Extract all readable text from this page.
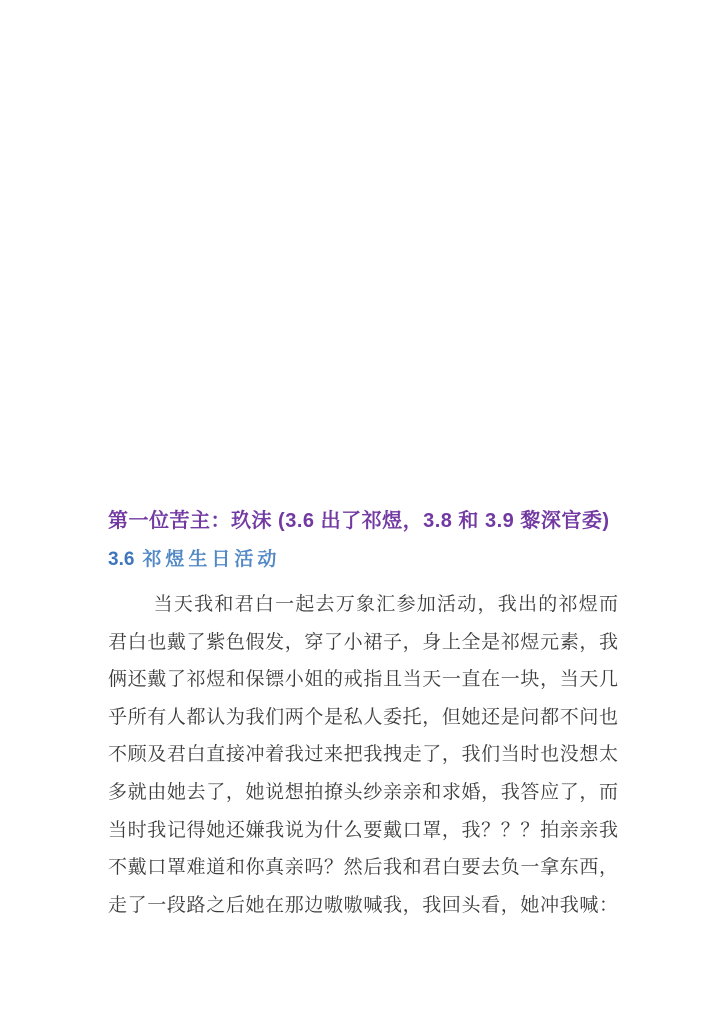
第一位苦主：玖沫 (3.6 出了祁煜，3.8 和 3.9 黎深官委)
3.6 祁煜生日活动
当天我和君白一起去万象汇参加活动，我出的祁煜而
君白也戴了紫色假发，穿了小裙子，身上全是祁煜元素，我
俩还戴了祁煜和保镖小姐的戒指且当天一直在一块，当天几
乎所有人都认为我们两个是私人委托，但她还是问都不问也
不顾及君白直接冲着我过来把我拽走了，我们当时也没想太
多就由她去了，她说想拍撩头纱亲亲和求婚，我答应了，而
当时我记得她还嫌我说为什么要戴口罩，我？？？拍亲亲我
不戴口罩难道和你真亲吗？然后我和君白要去负一拿东西，
走了一段路之后她在那边嗷嗷喊我，我回头看，她冲我喊：
